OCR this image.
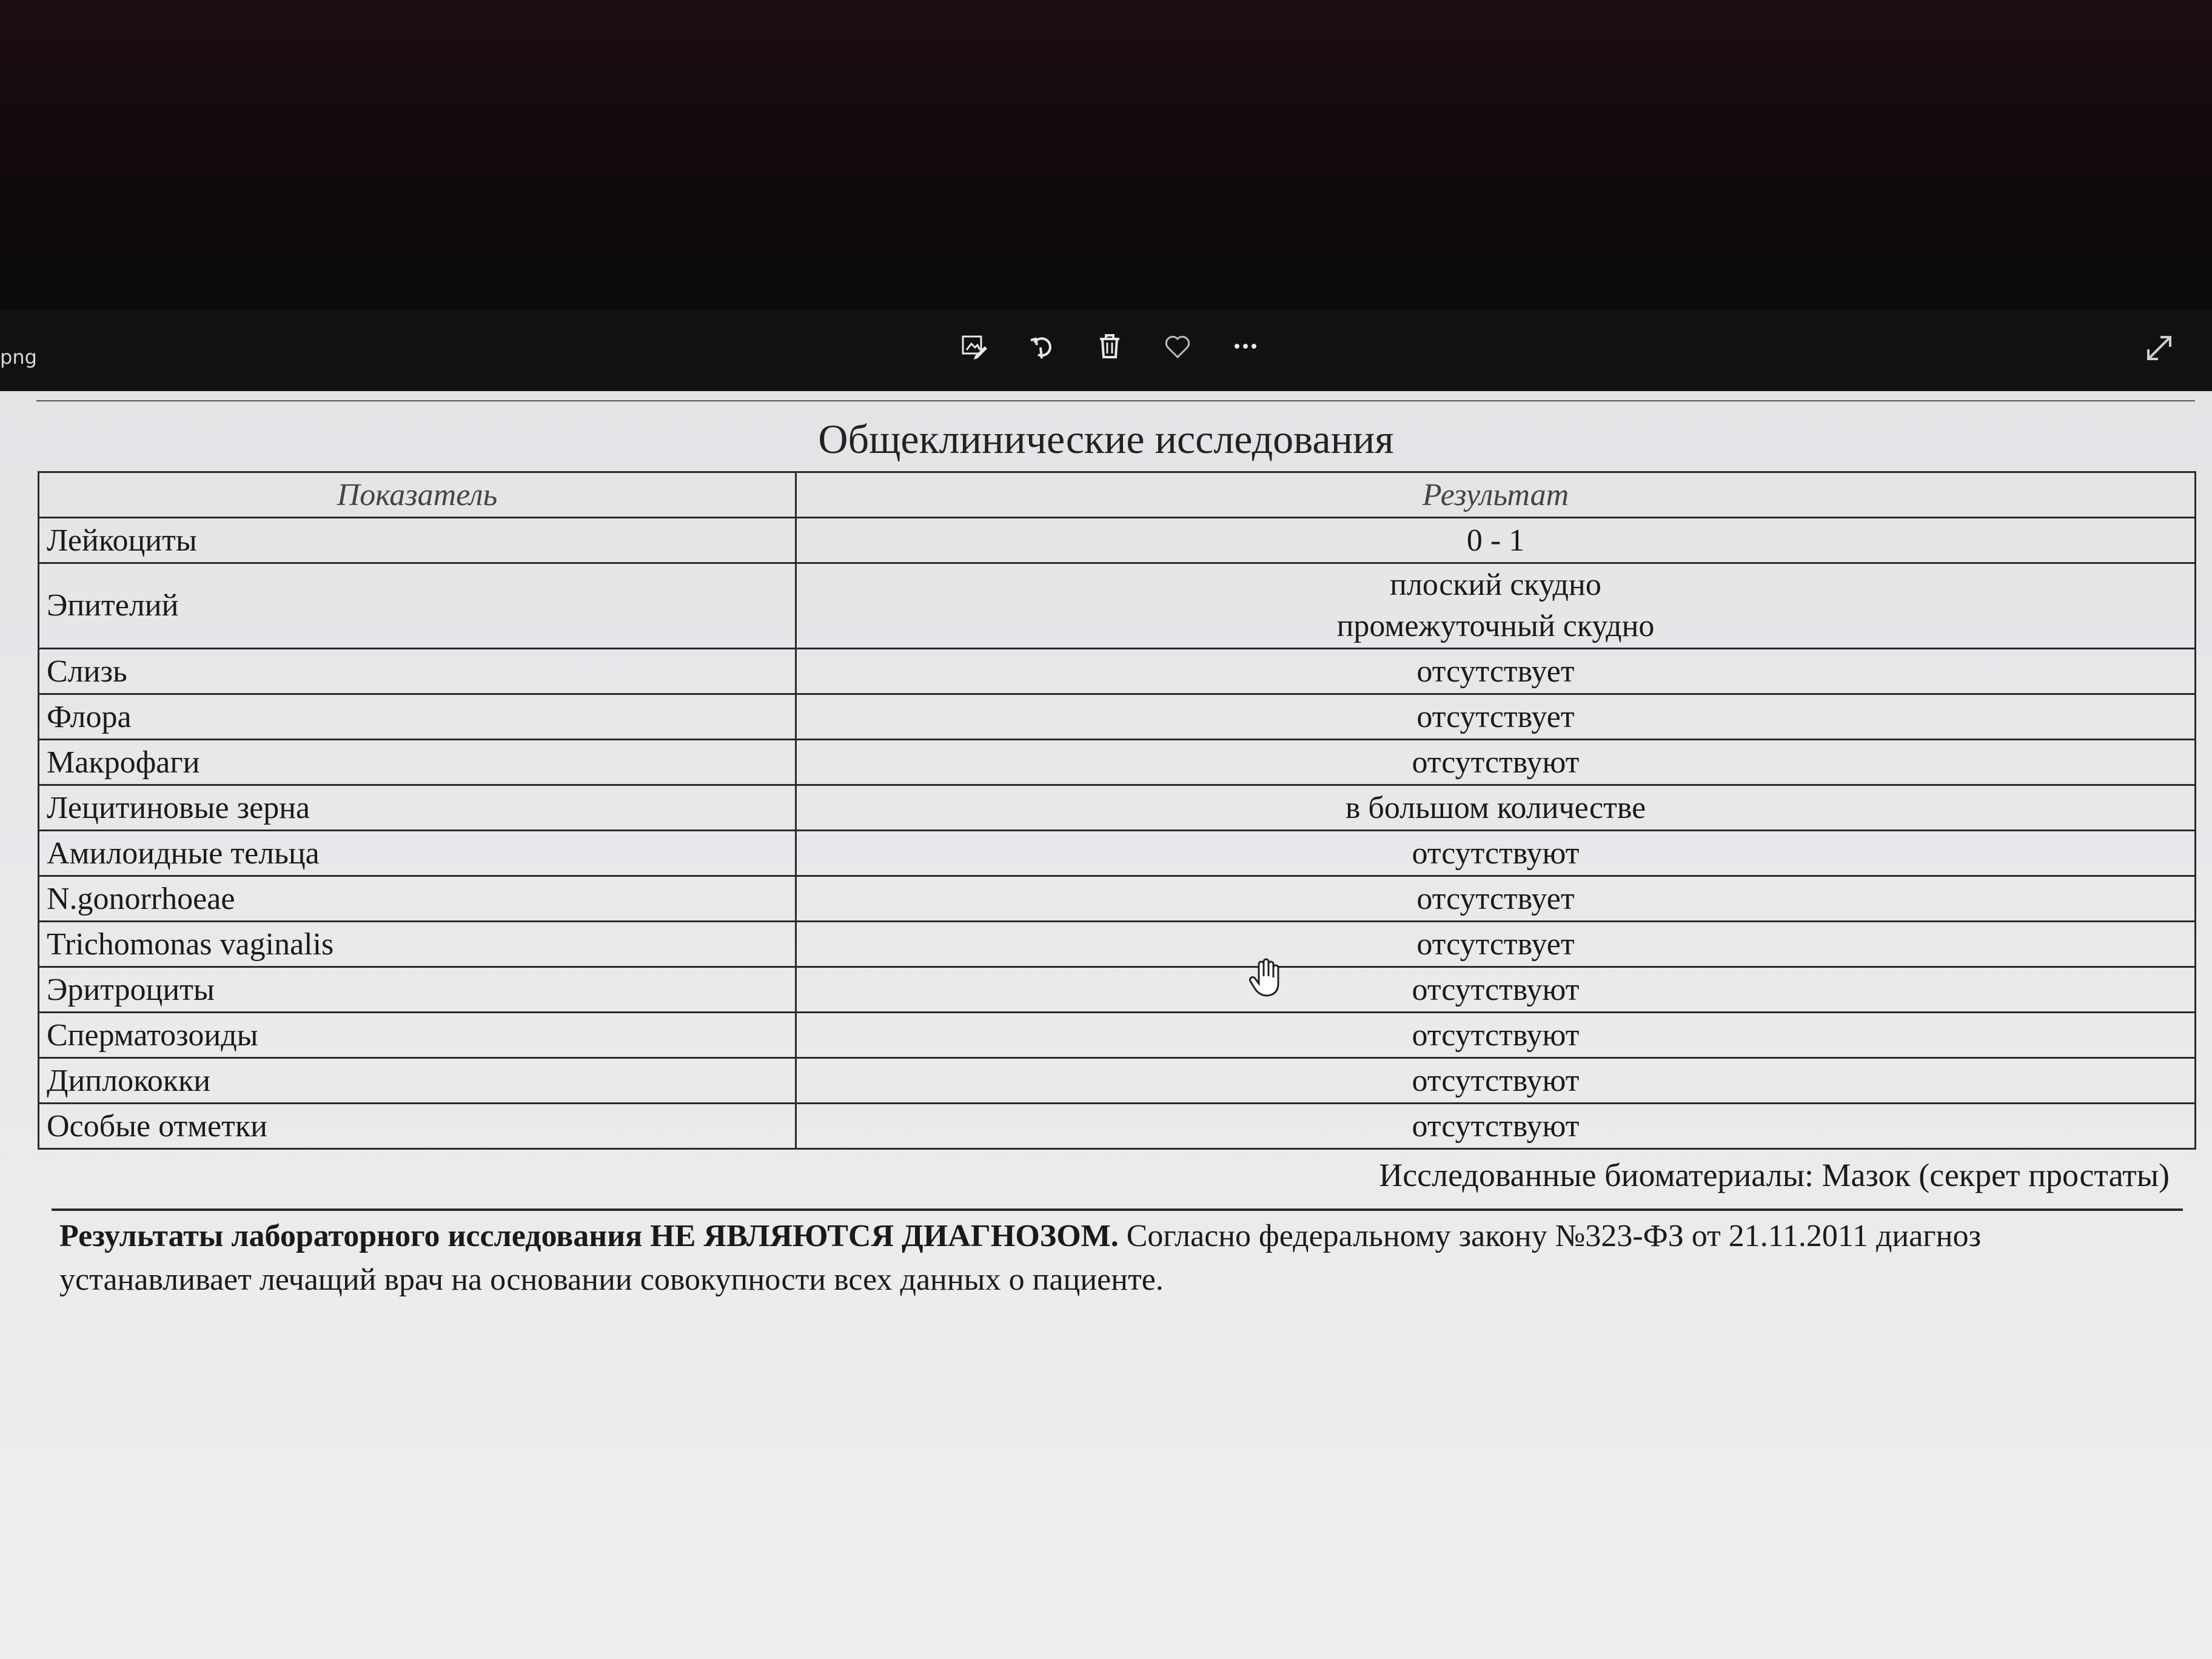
png
Общеклинические исследования
Показатель	Результат
Лейкоциты	0 - 1
Эпителий	плоский скудно
промежуточный скудно

Слизь	отсутствует
Флора	отсутствует
Макрофаги	отсутствуют
Лецитиновые зерна	в большом количестве
Амилоидные тельца	отсутствуют
N.gonorrhoeae	отсутствует
Trichomonas vaginalis	отсутствует
Эритроциты	отсутствуют
Сперматозоиды	отсутствуют
Диплококки	отсутствуют
Особые отметки	отсутствуют
Исследованные биоматериалы: Мазок (секрет простаты)
Результаты лабораторного исследования НЕ ЯВЛЯЮТСЯ ДИАГНОЗОМ. Согласно федеральному закону №323-ФЗ от 21.11.2011 диагноз устанавливает лечащий врач на основании совокупности всех данных о пациенте.
